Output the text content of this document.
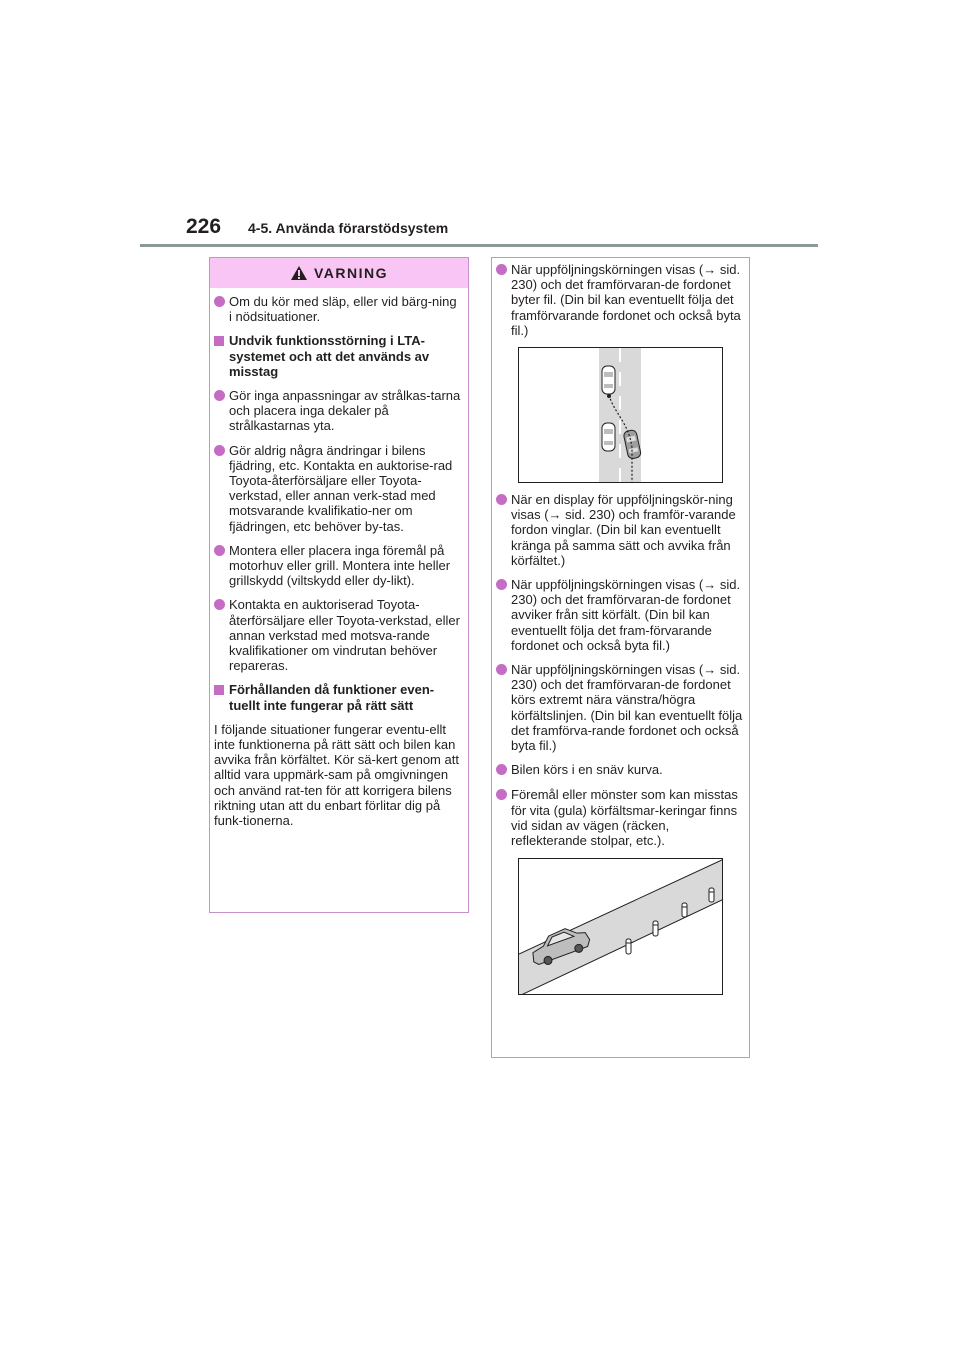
226 4-5. Använda förarstödsystem
VARNING
Om du kör med släp, eller vid bärg-ning i nödsituationer.
Undvik funktionsstörning i LTA-systemet och att det används av misstag
Gör inga anpassningar av strålkas-tarna och placera inga dekaler på strålkastarnas yta.
Gör aldrig några ändringar i bilens fjädring, etc. Kontakta en auktorise-rad Toyota-återförsäljare eller Toyota-verkstad, eller annan verk-stad med motsvarande kvalifikatio-ner om fjädringen, etc behöver by-tas.
Montera eller placera inga föremål på motorhuv eller grill. Montera inte heller grillskydd (viltskydd eller dy-likt).
Kontakta en auktoriserad Toyota-återförsäljare eller Toyota-verkstad, eller annan verkstad med motsva-rande kvalifikationer om vindrutan behöver repareras.
Förhållanden då funktioner even-tuellt inte fungerar på rätt sätt
I följande situationer fungerar eventu-ellt inte funktionerna på rätt sätt och bilen kan avvika från körfältet. Kör sä-kert genom att alltid vara uppmärk-sam på omgivningen och använd rat-ten för att korrigera bilens riktning utan att du enbart förlitar dig på funk-tionerna.
När uppföljningskörningen visas (→ sid. 230) och det framförvaran-de fordonet byter fil. (Din bil kan eventuellt följa det framförvarande fordonet och också byta fil.)
När en display för uppföljningskör-ning visas (→ sid. 230) och framför-varande fordon vinglar. (Din bil kan eventuellt kränga på samma sätt och avvika från körfältet.)
När uppföljningskörningen visas (→ sid. 230) och det framförvaran-de fordonet avviker från sitt körfält. (Din bil kan eventuellt följa det fram-förvarande fordonet och också byta fil.)
När uppföljningskörningen visas (→ sid. 230) och det framförvaran-de fordonet körs extremt nära vänstra/högra körfältslinjen. (Din bil kan eventuellt följa det framförva-rande fordonet och också byta fil.)
Bilen körs i en snäv kurva.
Föremål eller mönster som kan misstas för vita (gula) körfältsmar-keringar finns vid sidan av vägen (räcken, reflekterande stolpar, etc.).
